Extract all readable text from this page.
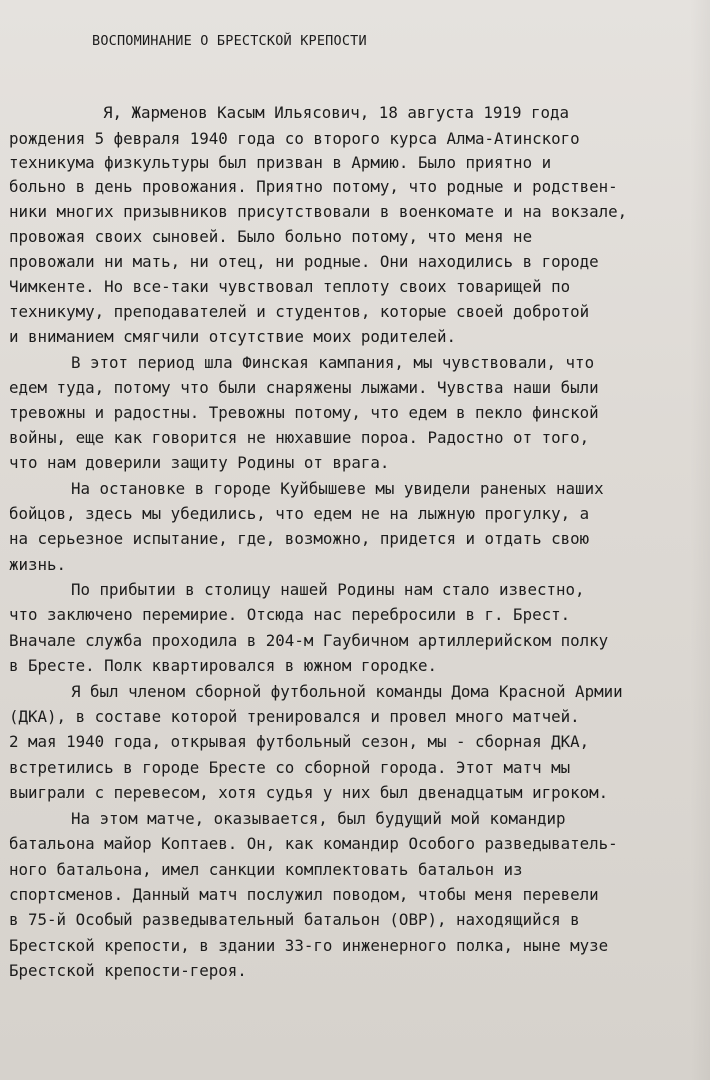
ВОСПОМИНАНИЕ О БРЕСТСКОЙ КРЕПОСТИ
Я, Жарменов Касым Ильясович, 18 августа 1919 года
рождения 5 февраля 1940 года со второго курса Алма-Атинского
техникума физкультуры был призван в Армию. Было приятно и
больно в день провожания. Приятно потому, что родные и родствен-
ники многих призывников присутствовали в военкомате и на вокзале,
провожая своих сыновей. Было больно потому, что меня не
провожали ни мать, ни отец, ни родные. Они находились в городе
Чимкенте. Но все-таки чувствовал теплоту своих товарищей по
техникуму, преподавателей и студентов, которые своей добротой
и вниманием смягчили отсутствие моих родителей.
В этот период шла Финская кампания, мы чувствовали, что
едем туда, потому что были снаряжены лыжами. Чувства наши были
тревожны и радостны. Тревожны потому, что едем в пекло финской
войны, еще как говорится не нюхавшие пороа. Радостно от того,
что нам доверили защиту Родины от врага.
На остановке в городе Куйбышеве мы увидели раненых наших
бойцов, здесь мы убедились, что едем не на лыжную прогулку, а
на серьезное испытание, где, возможно, придется и отдать свою
жизнь.
По прибытии в столицу нашей Родины нам стало известно,
что заключено перемирие. Отсюда нас перебросили в г. Брест.
Вначале служба проходила в 204-м Гаубичном артиллерийском полку
в Бресте. Полк квартировался в южном городке.
Я был членом сборной футбольной команды Дома Красной Армии
(ДКА), в составе которой тренировался и провел много матчей.
2 мая 1940 года, открывая футбольный сезон, мы - сборная ДКА,
встретились в городе Бресте со сборной города. Этот матч мы
выиграли с перевесом, хотя судья у них был двенадцатым игроком.
На этом матче, оказывается, был будущий мой командир
батальона майор Коптаев. Он, как командир Особого разведыватель-
ного батальона, имел санкции комплектовать батальон из
спортсменов. Данный матч послужил поводом, чтобы меня перевели
в 75-й Особый разведывательный батальон (ОВР), находящийся в
Брестской крепости, в здании 33-го инженерного полка, ныне музе
Брестской крепости-героя.
